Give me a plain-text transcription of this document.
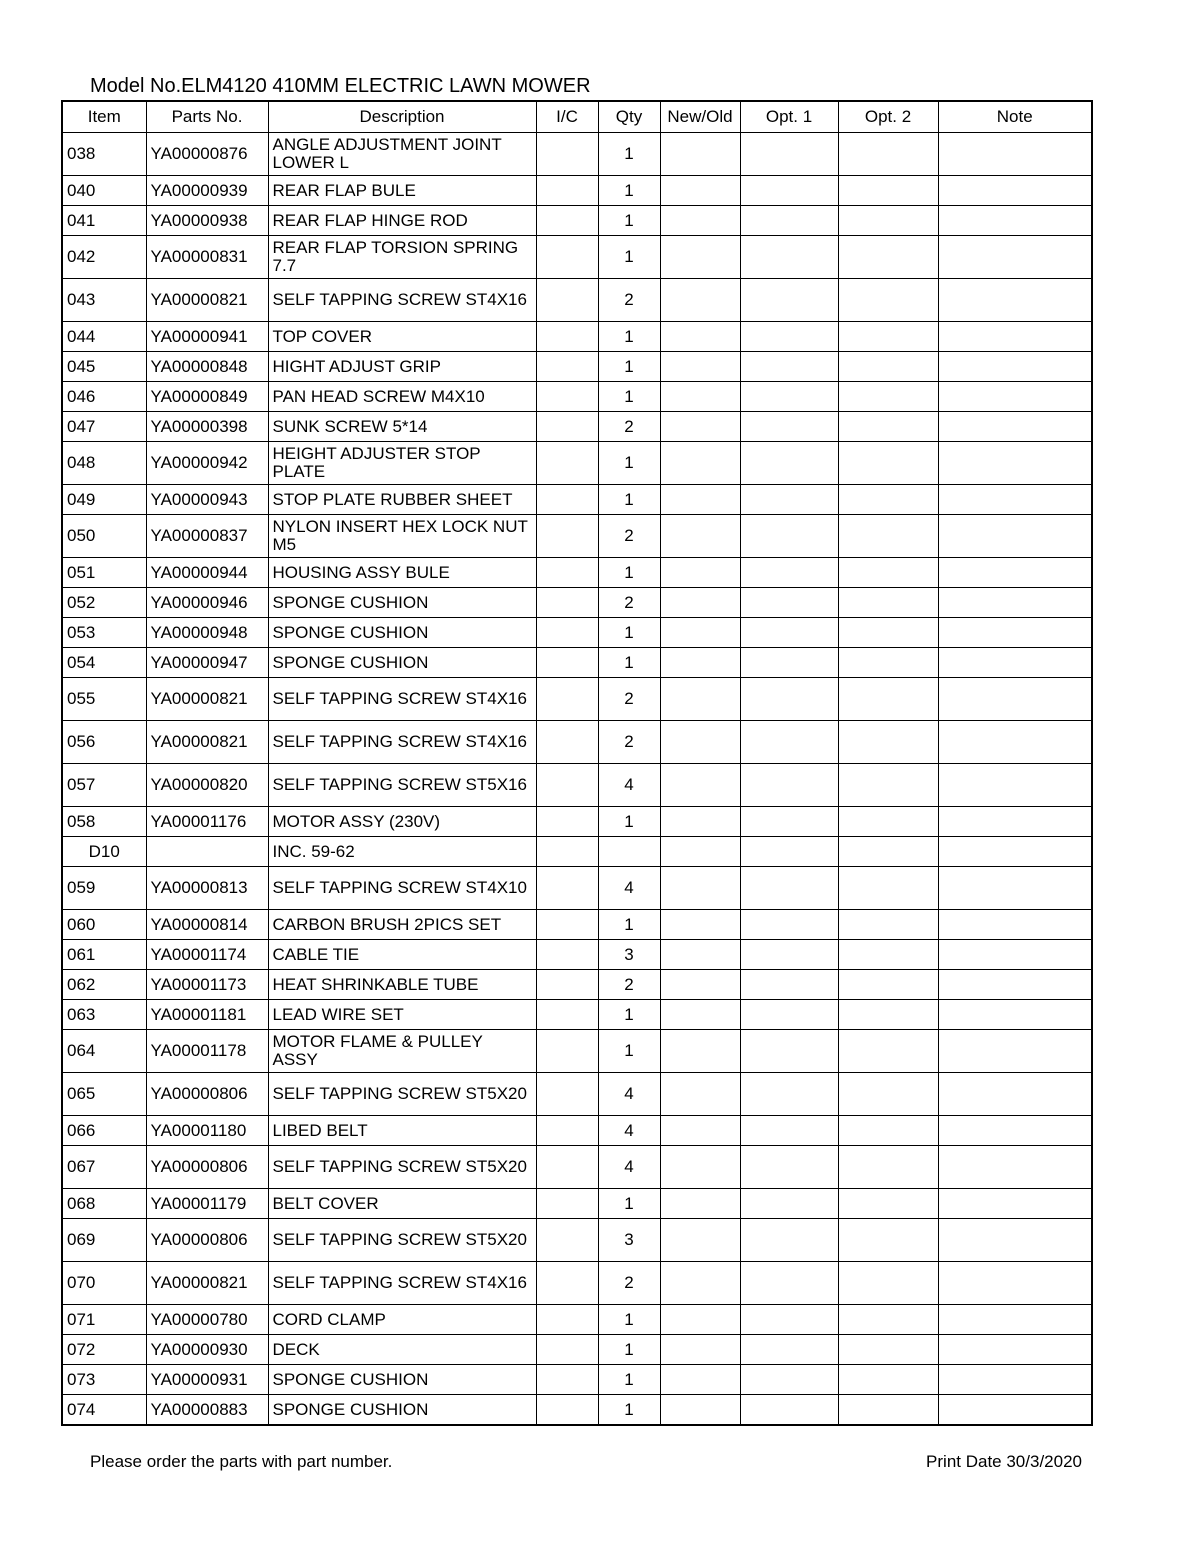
Model No.ELM4120 410MM ELECTRIC LAWN MOWER
Item	Parts No.	Description	I/C	Qty	New/Old	Opt. 1	Opt. 2	Note
038	YA00000876	ANGLE ADJUSTMENT JOINT LOWER L		1				
040	YA00000939	REAR FLAP BULE		1				
041	YA00000938	REAR FLAP HINGE ROD		1				
042	YA00000831	REAR FLAP TORSION SPRING 7.7		1				
043	YA00000821	SELF TAPPING SCREW ST4X16		2				
044	YA00000941	TOP COVER		1				
045	YA00000848	HIGHT ADJUST GRIP		1				
046	YA00000849	PAN HEAD SCREW M4X10		1				
047	YA00000398	SUNK SCREW 5*14		2				
048	YA00000942	HEIGHT ADJUSTER STOP PLATE		1				
049	YA00000943	STOP PLATE RUBBER SHEET		1				
050	YA00000837	NYLON INSERT HEX LOCK NUT M5		2				
051	YA00000944	HOUSING ASSY BULE		1				
052	YA00000946	SPONGE CUSHION		2				
053	YA00000948	SPONGE CUSHION		1				
054	YA00000947	SPONGE CUSHION		1				
055	YA00000821	SELF TAPPING SCREW ST4X16		2				
056	YA00000821	SELF TAPPING SCREW ST4X16		2				
057	YA00000820	SELF TAPPING SCREW ST5X16		4				
058	YA00001176	MOTOR ASSY (230V)		1				
D10		INC. 59-62						
059	YA00000813	SELF TAPPING SCREW ST4X10		4				
060	YA00000814	CARBON BRUSH 2PICS SET		1				
061	YA00001174	CABLE TIE		3				
062	YA00001173	HEAT SHRINKABLE TUBE		2				
063	YA00001181	LEAD WIRE SET		1				
064	YA00001178	MOTOR FLAME & PULLEY ASSY		1				
065	YA00000806	SELF TAPPING SCREW ST5X20		4				
066	YA00001180	LIBED BELT		4				
067	YA00000806	SELF TAPPING SCREW ST5X20		4				
068	YA00001179	BELT COVER		1				
069	YA00000806	SELF TAPPING SCREW ST5X20		3				
070	YA00000821	SELF TAPPING SCREW ST4X16		2				
071	YA00000780	CORD CLAMP		1				
072	YA00000930	DECK		1				
073	YA00000931	SPONGE CUSHION		1				
074	YA00000883	SPONGE CUSHION		1				
Please order the parts with part number.	Print Date 30/3/2020
